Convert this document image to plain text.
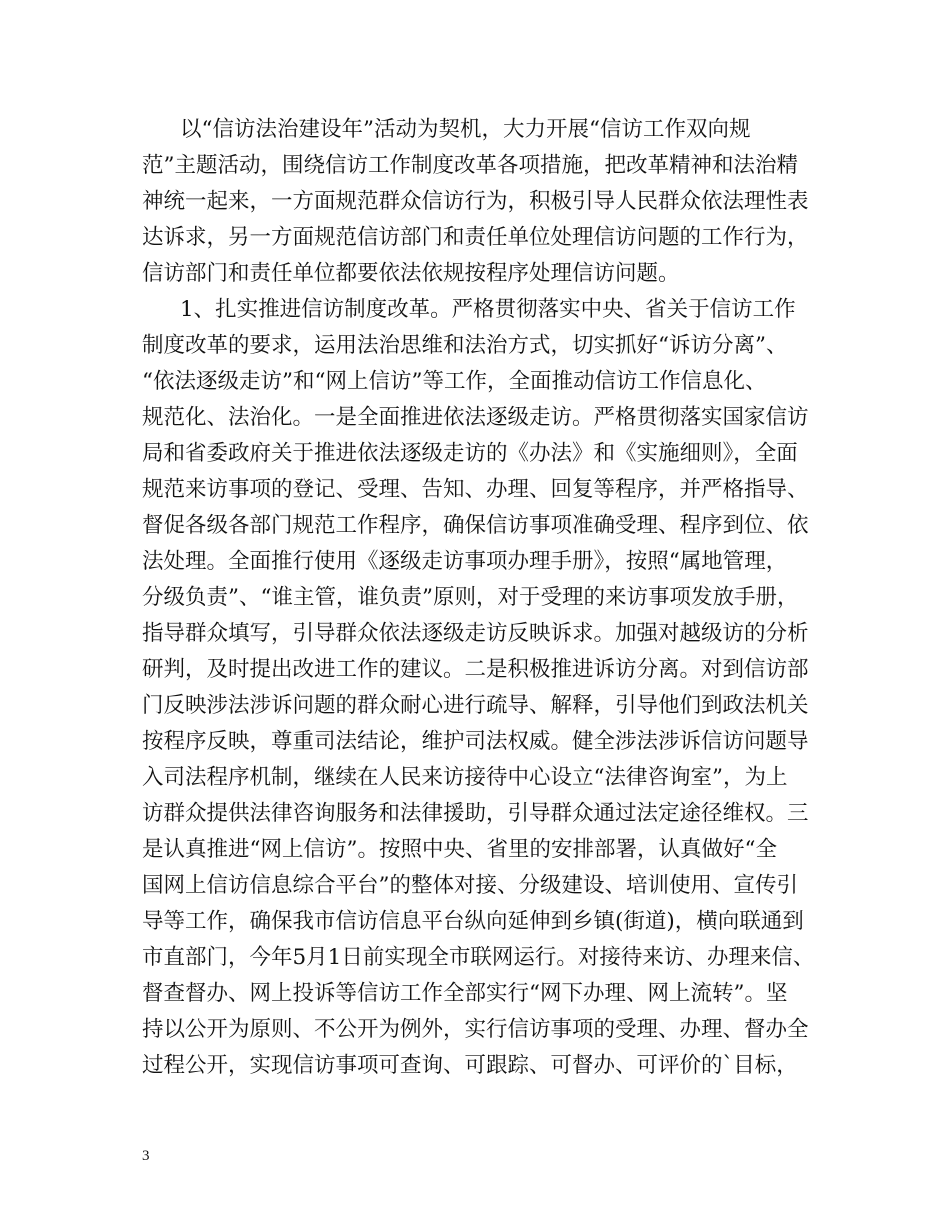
以“信访法治建设年”活动为契机，大力开展“信访工作双向规
范”主题活动，围绕信访工作制度改革各项措施，把改革精神和法治精
神统一起来，一方面规范群众信访行为，积极引导人民群众依法理性表
达诉求，另一方面规范信访部门和责任单位处理信访问题的工作行为，
信访部门和责任单位都要依法依规按程序处理信访问题。
1、扎实推进信访制度改革。严格贯彻落实中央、省关于信访工作
制度改革的要求，运用法治思维和法治方式，切实抓好“诉访分离”、
“依法逐级走访”和“网上信访”等工作，全面推动信访工作信息化、
规范化、法治化。一是全面推进依法逐级走访。严格贯彻落实国家信访
局和省委政府关于推进依法逐级走访的《办法》和《实施细则》，全面
规范来访事项的登记、受理、告知、办理、回复等程序，并严格指导、
督促各级各部门规范工作程序，确保信访事项准确受理、程序到位、依
法处理。全面推行使用《逐级走访事项办理手册》，按照“属地管理，
分级负责”、“谁主管，谁负责”原则，对于受理的来访事项发放手册，
指导群众填写，引导群众依法逐级走访反映诉求。加强对越级访的分析
研判，及时提出改进工作的建议。二是积极推进诉访分离。对到信访部
门反映涉法涉诉问题的群众耐心进行疏导、解释，引导他们到政法机关
按程序反映，尊重司法结论，维护司法权威。健全涉法涉诉信访问题导
入司法程序机制，继续在人民来访接待中心设立“法律咨询室”，为上
访群众提供法律咨询服务和法律援助，引导群众通过法定途径维权。三
是认真推进“网上信访”。按照中央、省里的安排部署，认真做好“全
国网上信访信息综合平台”的整体对接、分级建设、培训使用、宣传引
导等工作，确保我市信访信息平台纵向延伸到乡镇(街道)，横向联通到
市直部门，今年5月1日前实现全市联网运行。对接待来访、办理来信、
督查督办、网上投诉等信访工作全部实行“网下办理、网上流转”。坚
持以公开为原则、不公开为例外，实行信访事项的受理、办理、督办全
过程公开，实现信访事项可查询、可跟踪、可督办、可评价的`目标，
3
